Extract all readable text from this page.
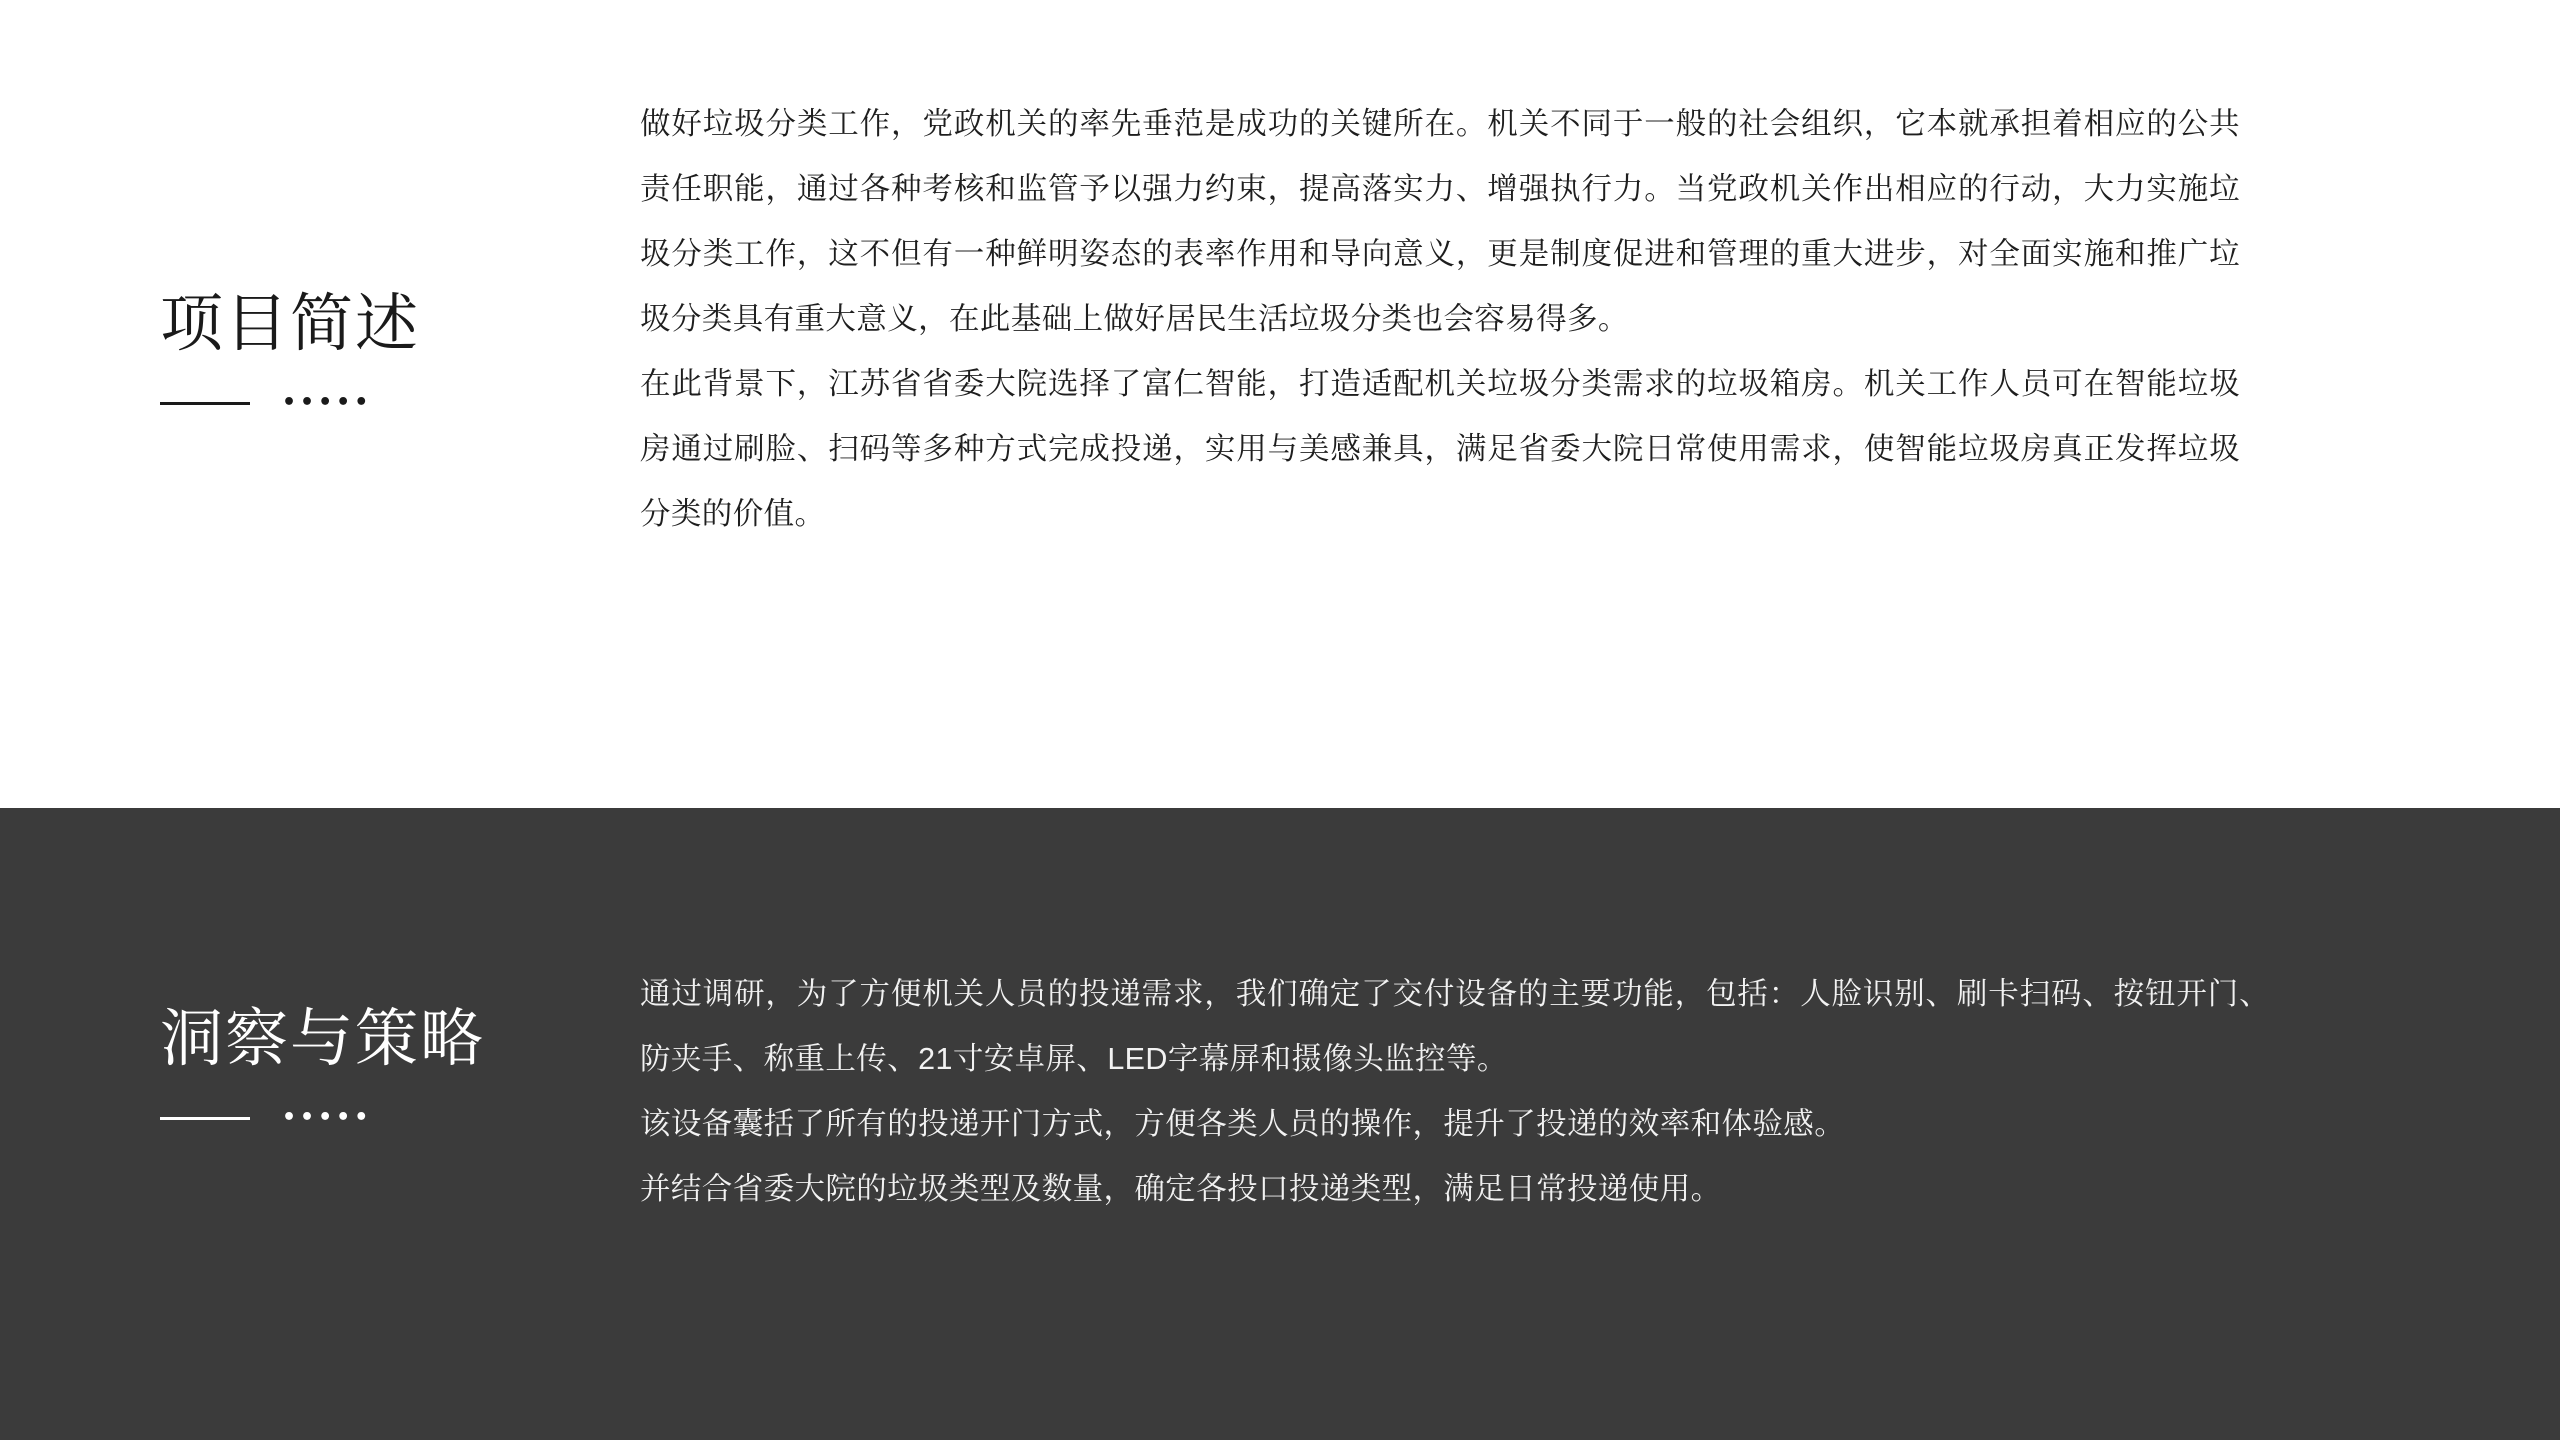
项目简述
•••••

做好垃圾分类工作，党政机关的率先垂范是成功的关键所在。机关不同于一般的社会组织，它本就承担着相应的公共责任职能，通过各种考核和监管予以强力约束，提高落实力、增强执行力。当党政机关作出相应的行动，大力实施垃圾分类工作，这不但有一种鲜明姿态的表率作用和导向意义，更是制度促进和管理的重大进步，对全面实施和推广垃圾分类具有重大意义，在此基础上做好居民生活垃圾分类也会容易得多。

在此背景下，江苏省省委大院选择了富仁智能，打造适配机关垃圾分类需求的垃圾箱房。机关工作人员可在智能垃圾房通过刷脸、扫码等多种方式完成投递，实用与美感兼具，满足省委大院日常使用需求，使智能垃圾房真正发挥垃圾分类的价值。

洞察与策略
•••••

通过调研，为了方便机关人员的投递需求，我们确定了交付设备的主要功能，包括：人脸识别、刷卡扫码、按钮开门、防夹手、称重上传、21寸安卓屏、LED字幕屏和摄像头监控等。

该设备囊括了所有的投递开门方式，方便各类人员的操作，提升了投递的效率和体验感。

并结合省委大院的垃圾类型及数量，确定各投口投递类型，满足日常投递使用。
